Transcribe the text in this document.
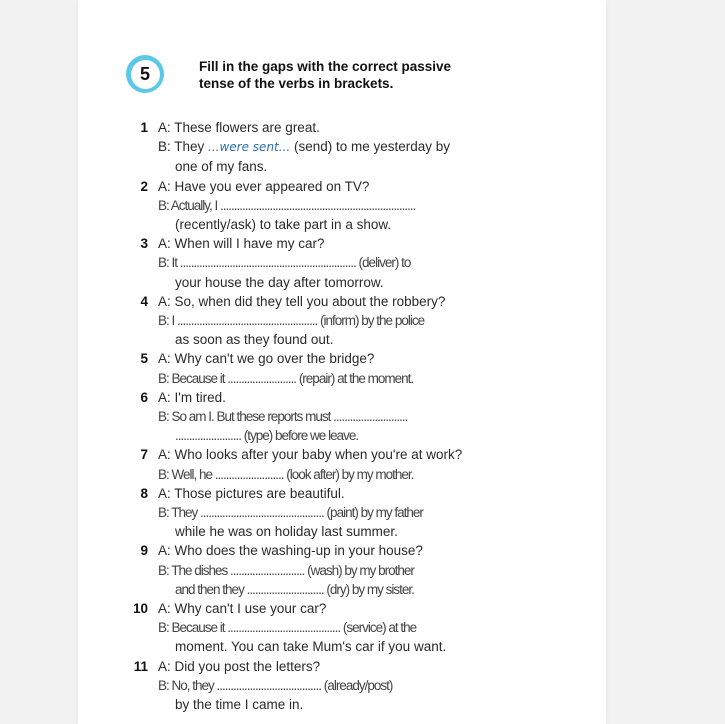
5	Fill in the gaps with the correct passive
tense of the verbs in brackets.
1 A: These flowers are great.
B: They ...were sent... (send) to me yesterday by
one of my fans.
2 A: Have you ever appeared on TV?
B: Actually, I .......................................................................
(recently/ask) to take part in a show.
3 A: When will I have my car?
B: It ................................................................ (deliver) to
your house the day after tomorrow.
4 A: So, when did they tell you about the robbery?
B: I ................................................... (inform) by the police
as soon as they found out.
5 A: Why can't we go over the bridge?
B: Because it ......................... (repair) at the moment.
6 A: I'm tired.
B: So am I. But these reports must ...........................
........................ (type) before we leave.
7 A: Who looks after your baby when you're at work?
B: Well, he ......................... (look after) by my mother.
8 A: Those pictures are beautiful.
B: They ............................................. (paint) by my father
while he was on holiday last summer.
9 A: Who does the washing-up in your house?
B: The dishes ........................... (wash) by my brother
and then they ............................ (dry) by my sister.
10 A: Why can't I use your car?
B: Because it ......................................... (service) at the
moment. You can take Mum's car if you want.
11 A: Did you post the letters?
B: No, they ...................................... (already/post)
by the time I came in.
